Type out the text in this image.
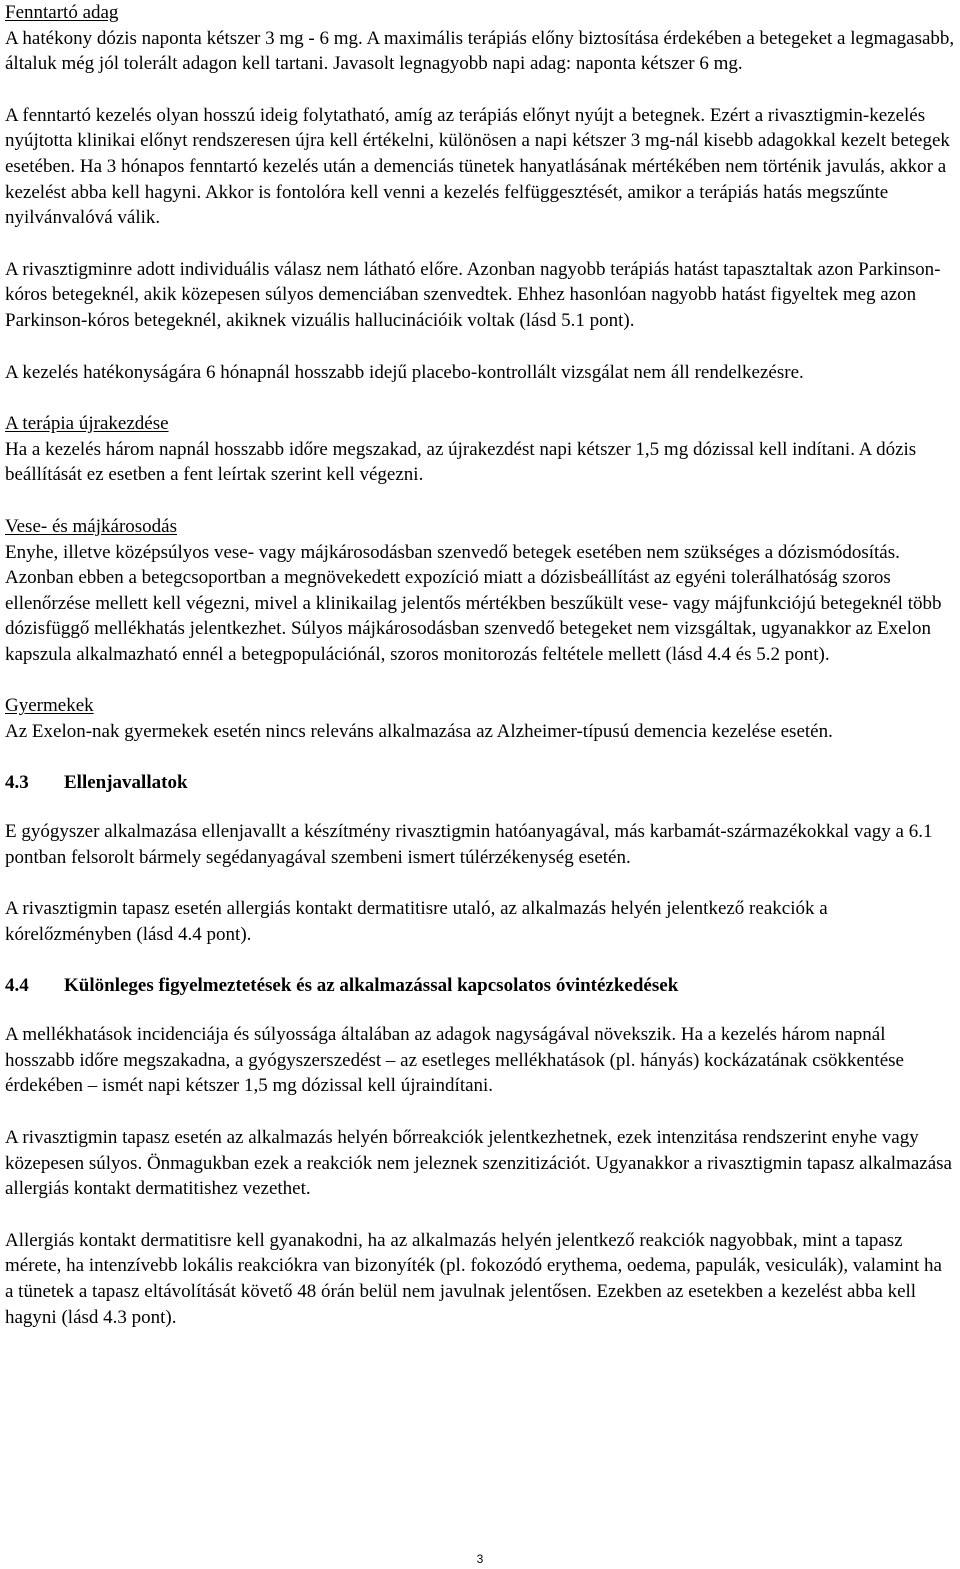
Fenntartó adag

A hatékony dózis naponta kétszer 3 mg - 6 mg. A maximális terápiás előny biztosítása érdekében a betegeket a legmagasabb, általuk még jól tolerált adagon kell tartani. Javasolt legnagyobb napi adag: naponta kétszer 6 mg.

A fenntartó kezelés olyan hosszú ideig folytatható, amíg az terápiás előnyt nyújt a betegnek. Ezért a rivasztigmin-kezelés nyújtotta klinikai előnyt rendszeresen újra kell értékelni, különösen a napi kétszer 3 mg-nál kisebb adagokkal kezelt betegek esetében. Ha 3 hónapos fenntartó kezelés után a demenciás tünetek hanyatlásának mértékében nem történik javulás, akkor a kezelést abba kell hagyni. Akkor is fontolóra kell venni a kezelés felfüggesztését, amikor a terápiás hatás megszűnte nyilvánvalóvá válik.

A rivasztigminre adott individuális válasz nem látható előre. Azonban nagyobb terápiás hatást tapasztaltak azon Parkinson-kóros betegeknél, akik közepesen súlyos demenciában szenvedtek. Ehhez hasonlóan nagyobb hatást figyeltek meg azon Parkinson-kóros betegeknél, akiknek vizuális hallucinációik voltak (lásd 5.1 pont).

A kezelés hatékonyságára 6 hónapnál hosszabb idejű placebo-kontrollált vizsgálat nem áll rendelkezésre.

A terápia újrakezdése

Ha a kezelés három napnál hosszabb időre megszakad, az újrakezdést napi kétszer 1,5 mg dózissal kell indítani. A dózis beállítását ez esetben a fent leírtak szerint kell végezni.

Vese- és májkárosodás

Enyhe, illetve középsúlyos vese- vagy májkárosodásban szenvedő betegek esetében nem szükséges a dózismódosítás. Azonban ebben a betegcsoportban a megnövekedett expozíció miatt a dózisbeállítást az egyéni tolerálhatóság szoros ellenőrzése mellett kell végezni, mivel a klinikailag jelentős mértékben beszűkült vese- vagy májfunkciójú betegeknél több dózisfüggő mellékhatás jelentkezhet. Súlyos májkárosodásban szenvedő betegeket nem vizsgáltak, ugyanakkor az Exelon kapszula alkalmazható ennél a betegpopulációnál, szoros monitorozás feltétele mellett (lásd 4.4 és 5.2 pont).

Gyermekek

Az Exelon-nak gyermekek esetén nincs releváns alkalmazása az Alzheimer-típusú demencia kezelése esetén.

4.3 Ellenjavallatok

E gyógyszer alkalmazása ellenjavallt a készítmény rivasztigmin hatóanyagával, más karbamát-származékokkal vagy a 6.1 pontban felsorolt bármely segédanyagával szembeni ismert túlérzékenység esetén.

A rivasztigmin tapasz esetén allergiás kontakt dermatitisre utaló, az alkalmazás helyén jelentkező reakciók a kórelőzményben (lásd 4.4 pont).

4.4 Különleges figyelmeztetések és az alkalmazással kapcsolatos óvintézkedések

A mellékhatások incidenciája és súlyossága általában az adagok nagyságával növekszik. Ha a kezelés három napnál hosszabb időre megszakadna, a gyógyszerszedést – az esetleges mellékhatások (pl. hányás) kockázatának csökkentése érdekében – ismét napi kétszer 1,5 mg dózissal kell újraindítani.

A rivasztigmin tapasz esetén az alkalmazás helyén bőrreakciók jelentkezhetnek, ezek intenzitása rendszerint enyhe vagy közepesen súlyos. Önmagukban ezek a reakciók nem jeleznek szenzitizációt. Ugyanakkor a rivasztigmin tapasz alkalmazása allergiás kontakt dermatitishez vezethet.

Allergiás kontakt dermatitisre kell gyanakodni, ha az alkalmazás helyén jelentkező reakciók nagyobbak, mint a tapasz mérete, ha intenzívebb lokális reakciókra van bizonyíték (pl. fokozódó erythema, oedema, papulák, vesiculák), valamint ha a tünetek a tapasz eltávolítását követő 48 órán belül nem javulnak jelentősen. Ezekben az esetekben a kezelést abba kell hagyni (lásd 4.3 pont).

3
